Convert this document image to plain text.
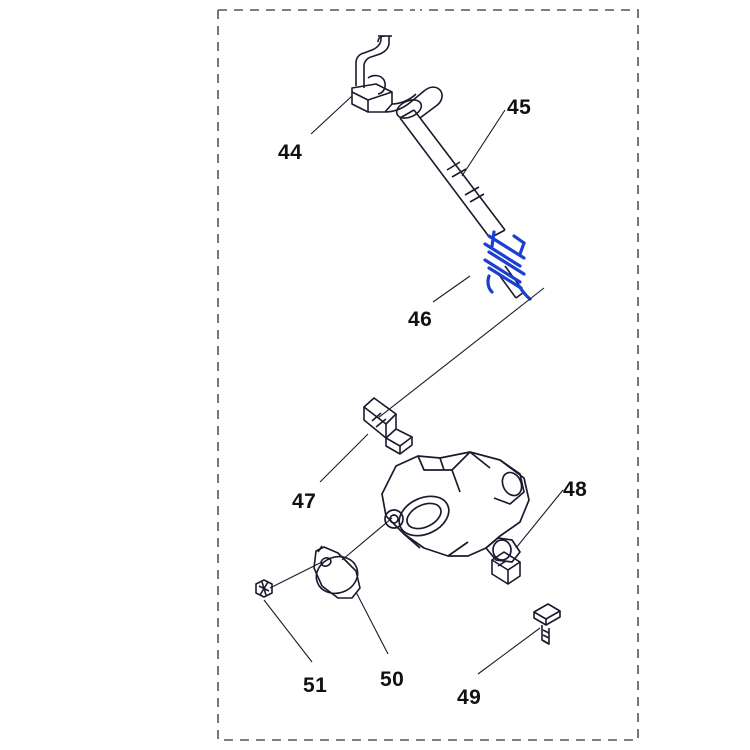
44
45
46
47
48
49
50
51
